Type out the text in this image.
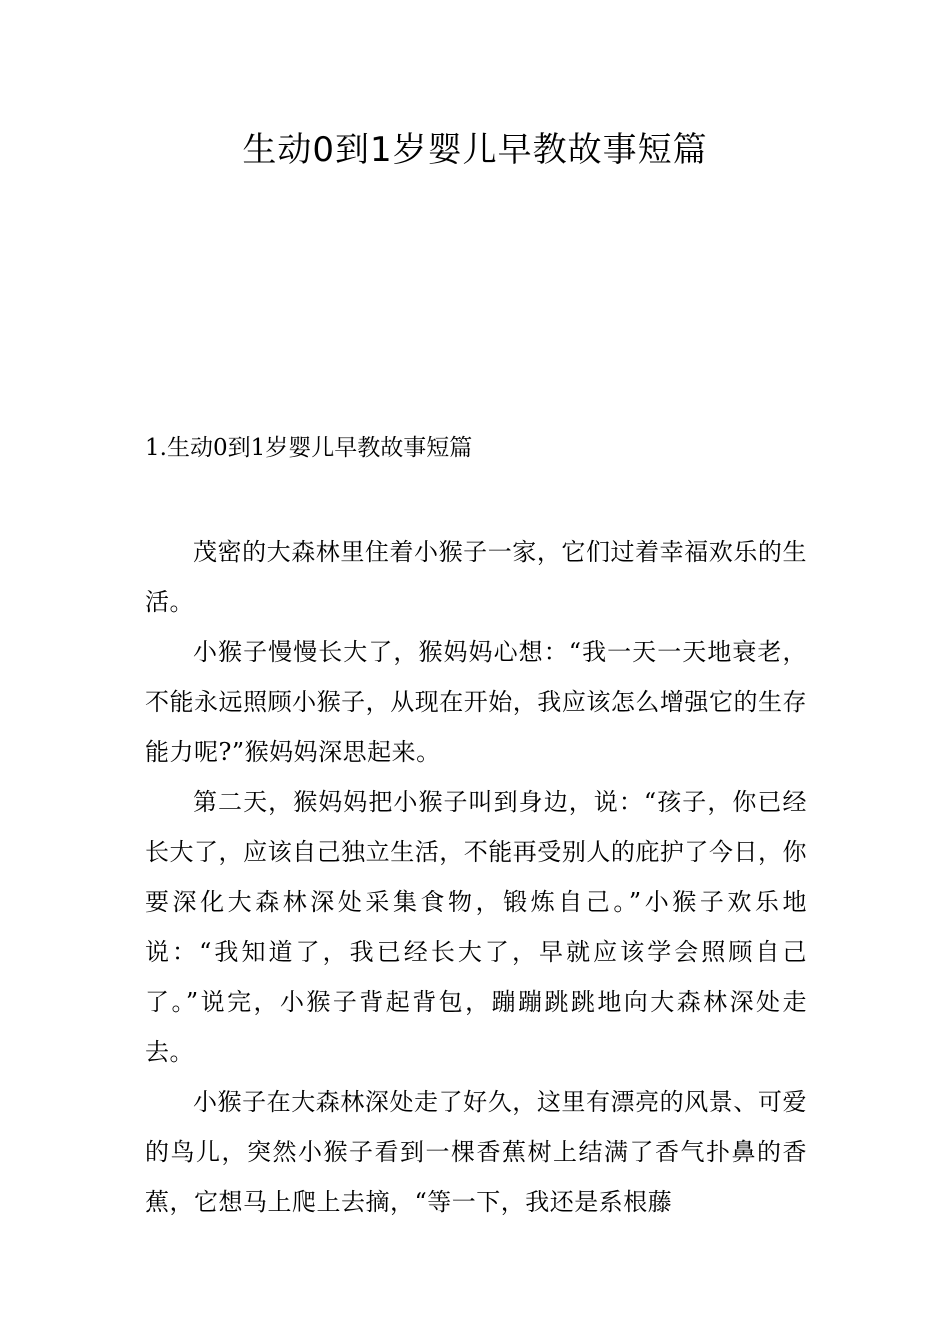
生动0到1岁婴儿早教故事短篇
1.生动0到1岁婴儿早教故事短篇

茂密的大森林里住着小猴子一家，它们过着幸福欢乐的生活。

小猴子慢慢长大了，猴妈妈心想：“我一天一天地衰老，不能永远照顾小猴子，从现在开始，我应该怎么增强它的生存能力呢?”猴妈妈深思起来。

第二天，猴妈妈把小猴子叫到身边，说：“孩子，你已经长大了，应该自己独立生活，不能再受别人的庇护了今日，你要深化大森林深处采集食物，锻炼自己。”小猴子欢乐地说：“我知道了，我已经长大了，早就应该学会照顾自己了。”说完，小猴子背起背包，蹦蹦跳跳地向大森林深处走去。

小猴子在大森林深处走了好久，这里有漂亮的风景、可爱的鸟儿，突然小猴子看到一棵香蕉树上结满了香气扑鼻的香蕉，它想马上爬上去摘，“等一下，我还是系根藤
